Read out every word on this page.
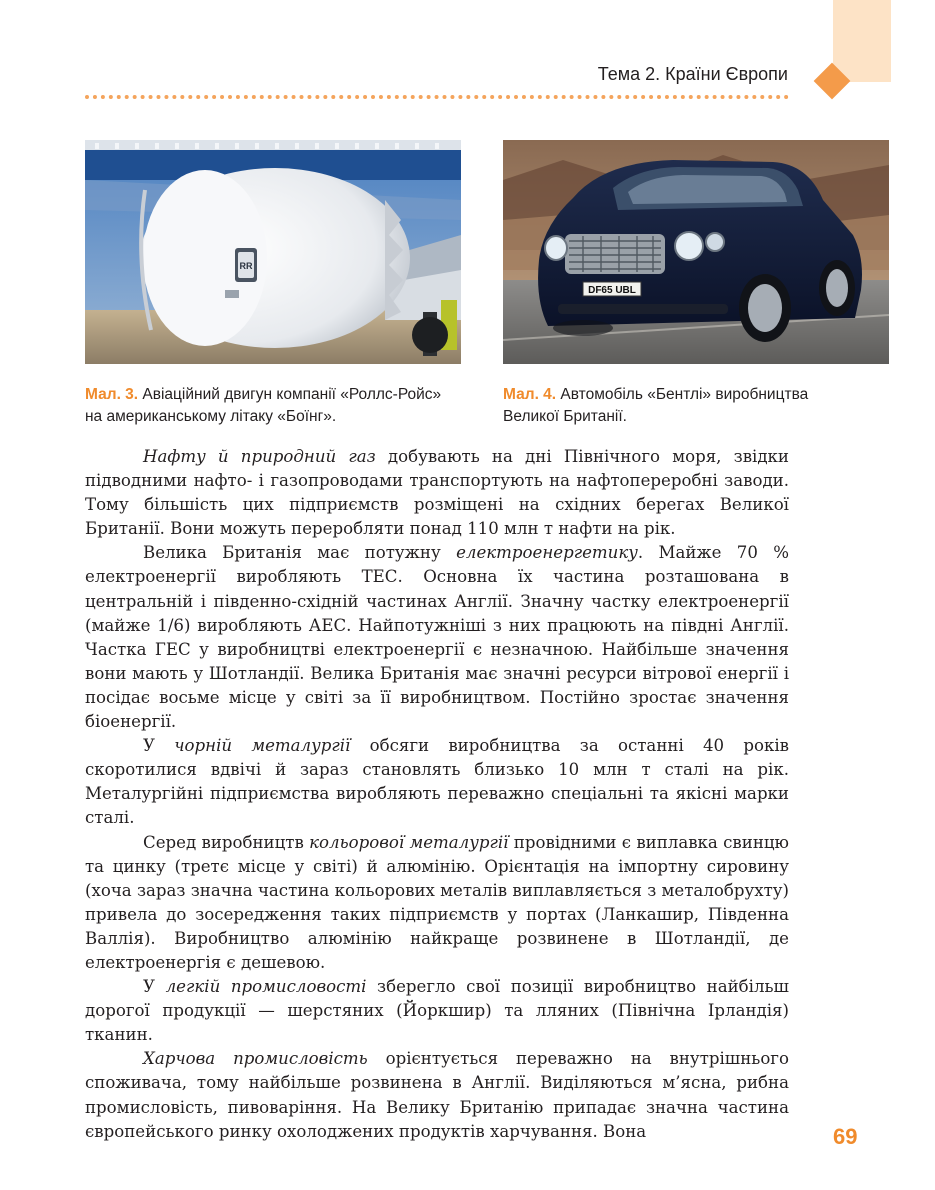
Тема 2. Країни Європи
RR
DF65 UBL
Мал. 3. Авіаційний двигун компанії «Роллс-Ройс» на американському літаку «Боїнг».
Мал. 4. Автомобіль «Бентлі» виробництва Великої Британії.

Нафту й природний газ добувають на дні Північного моря, звідки підводними нафто- і газопроводами транспортують на нафтопереробні заводи. Тому більшість цих підприємств розміщені на східних берегах Великої Британії. Вони можуть переробляти понад 110 млн т нафти на рік.

Велика Британія має потужну електроенергетику. Майже 70 % електроенергії виробляють ТЕС. Основна їх частина розташована в центральній і південно-східній частинах Англії. Значну частку електроенергії (майже 1/6) виробляють АЕС. Найпотужніші з них працюють на півдні Англії. Частка ГЕС у виробництві електроенергії є незначною. Найбільше значення вони мають у Шотландії. Велика Британія має значні ресурси вітрової енергії і посідає восьме місце у світі за її виробництвом. Постійно зростає значення біоенергії.

У чорній металургії обсяги виробництва за останні 40 років скоротилися вдвічі й зараз становлять близько 10 млн т сталі на рік. Металургійні підприємства виробляють переважно спеціальні та якісні марки сталі.

Серед виробництв кольорової металургії провідними є виплавка свинцю та цинку (третє місце у світі) й алюмінію. Орієнтація на імпортну сировину (хоча зараз значна частина кольорових металів виплавляється з металобрухту) привела до зосередження таких підприємств у портах (Ланкашир, Південна Валлія). Виробництво алюмінію найкраще розвинене в Шотландії, де електроенергія є дешевою.

У легкій промисловості зберегло свої позиції виробництво найбільш дорогої продукції — шерстяних (Йоркшир) та лляних (Північна Ірландія) тканин.

Харчова промисловість орієнтується переважно на внутрішнього споживача, тому найбільше розвинена в Англії. Виділяються м’ясна, рибна промисловість, пивоваріння. На Велику Британію припадає значна частина європейського ринку охолоджених продуктів харчування. Вона	69
